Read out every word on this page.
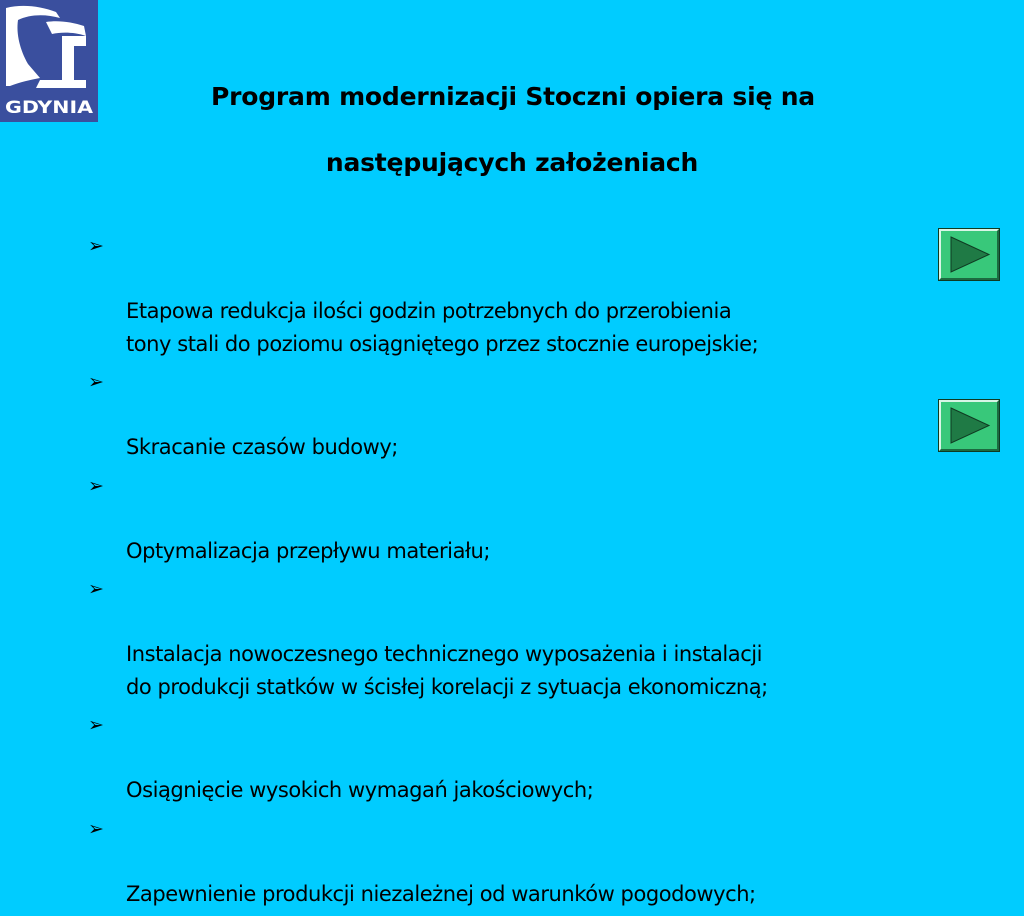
GDYNIA	Program modernizacji Stoczni opiera się na
następujących założeniach

➢

Etapowa redukcja ilości godzin potrzebnych do przerobienia
tony stali do poziomu osiągniętego przez stocznie europejskie;

➢

Skracanie czasów budowy;

➢

Optymalizacja przepływu materiału;

➢

Instalacja nowoczesnego technicznego wyposażenia i instalacji
do produkcji statków w ścisłej korelacji z sytuacja ekonomiczną;

➢

Osiągnięcie wysokich wymagań jakościowych;

➢

Zapewnienie produkcji niezależnej od warunków pogodowych;
